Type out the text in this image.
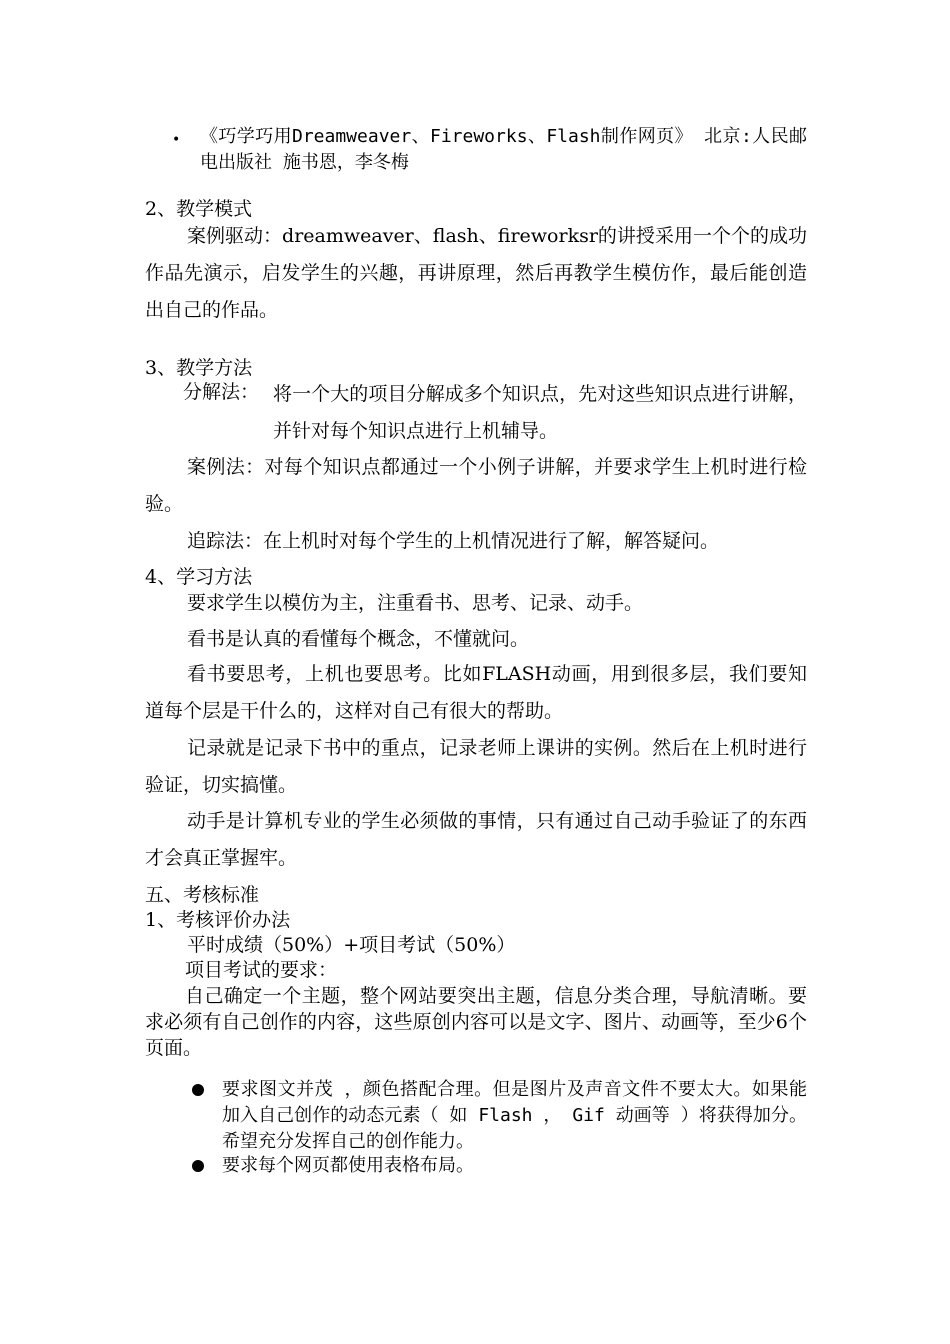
• 《巧学巧用Dreamweaver、Fireworks、Flash制作网页》 北京:人民邮电出版社 施书恩，李冬梅
2、教学模式
案例驱动：dreamweaver、flash、fireworksr的讲授采用一个个的成功作品先演示，启发学生的兴趣，再讲原理，然后再教学生模仿作，最后能创造出自己的作品。
3、教学方法
分解法： 将一个大的项目分解成多个知识点，先对这些知识点进行讲解，并针对每个知识点进行上机辅导。
案例法：对每个知识点都通过一个小例子讲解，并要求学生上机时进行检验。
追踪法：在上机时对每个学生的上机情况进行了解，解答疑问。
4、学习方法
要求学生以模仿为主，注重看书、思考、记录、动手。
看书是认真的看懂每个概念，不懂就问。
看书要思考，上机也要思考。比如FLASH动画，用到很多层，我们要知道每个层是干什么的，这样对自己有很大的帮助。
记录就是记录下书中的重点，记录老师上课讲的实例。然后在上机时进行验证，切实搞懂。
动手是计算机专业的学生必须做的事情，只有通过自己动手验证了的东西才会真正掌握牢。
五、考核标准
1、考核评价办法
平时成绩（50%）+项目考试（50%）
项目考试的要求：
自己确定一个主题，整个网站要突出主题，信息分类合理，导航清晰。要求必须有自己创作的内容，这些原创内容可以是文字、图片、动画等，至少6个页面。
要求图文并茂 ，颜色搭配合理。但是图片及声音文件不要太大。如果能加入自己创作的动态元素（ 如 Flash ， Gif 动画等 ）将获得加分。希望充分发挥自己的创作能力。
要求每个网页都使用表格布局。
